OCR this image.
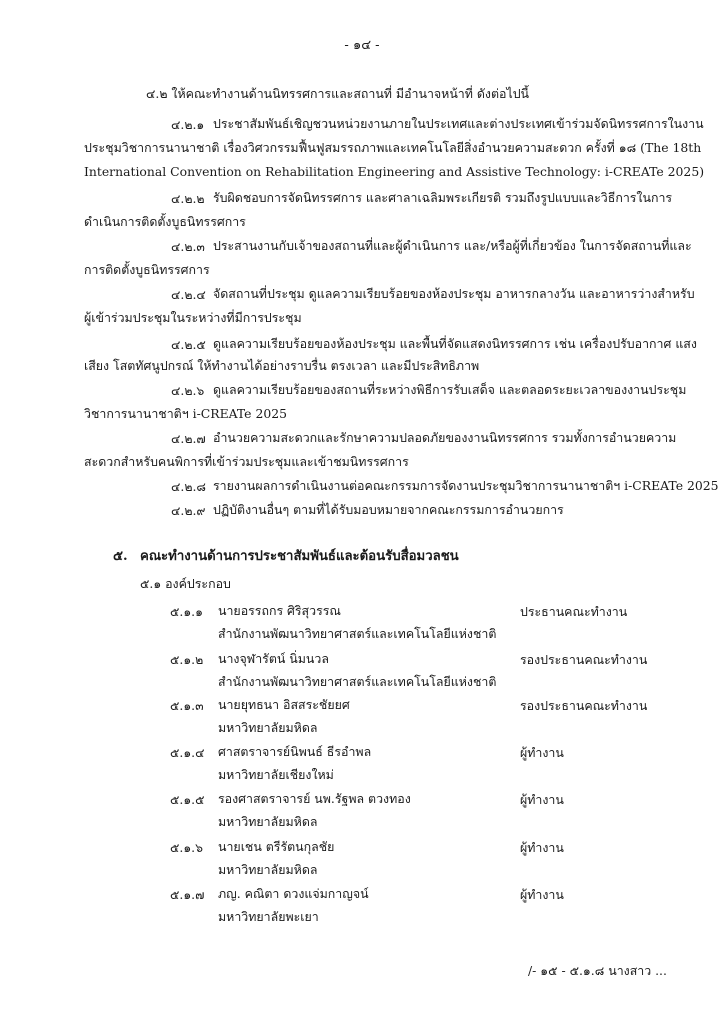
- ๑๔ -
๔.๒ ให้คณะทำงานด้านนิทรรศการและสถานที่ มีอำนาจหน้าที่ ดังต่อไปนี้
๔.๒.๑ ประชาสัมพันธ์เชิญชวนหน่วยงานภายในประเทศและต่างประเทศเข้าร่วมจัดนิทรรศการในงาน
ประชุมวิชาการนานาชาติ เรื่องวิศวกรรมฟื้นฟูสมรรถภาพและเทคโนโลยีสิ่งอำนวยความสะดวก ครั้งที่ ๑๘ (The 18th
International Convention on Rehabilitation Engineering and Assistive Technology: i-CREATe 2025)
๔.๒.๒ รับผิดชอบการจัดนิทรรศการ และศาลาเฉลิมพระเกียรติ รวมถึงรูปแบบและวิธีการในการ
ดำเนินการติดตั้งบูธนิทรรศการ
๔.๒.๓ ประสานงานกับเจ้าของสถานที่และผู้ดำเนินการ และ/หรือผู้ที่เกี่ยวข้อง ในการจัดสถานที่และ
การติดตั้งบูธนิทรรศการ
๔.๒.๔ จัดสถานที่ประชุม ดูแลความเรียบร้อยของห้องประชุม อาหารกลางวัน และอาหารว่างสำหรับ
ผู้เข้าร่วมประชุมในระหว่างที่มีการประชุม
๔.๒.๕ ดูแลความเรียบร้อยของห้องประชุม และพื้นที่จัดแสดงนิทรรศการ เช่น เครื่องปรับอากาศ แสง
เสียง โสตทัศนูปกรณ์ ให้ทำงานได้อย่างราบรื่น ตรงเวลา และมีประสิทธิภาพ
๔.๒.๖ ดูแลความเรียบร้อยของสถานที่ระหว่างพิธีการรับเสด็จ และตลอดระยะเวลาของงานประชุม
วิชาการนานาชาติฯ i-CREATe 2025
๔.๒.๗ อำนวยความสะดวกและรักษาความปลอดภัยของงานนิทรรศการ รวมทั้งการอำนวยความ
สะดวกสำหรับคนพิการที่เข้าร่วมประชุมและเข้าชมนิทรรศการ
๔.๒.๘ รายงานผลการดำเนินงานต่อคณะกรรมการจัดงานประชุมวิชาการนานาชาติฯ i-CREATe 2025
๔.๒.๙ ปฏิบัติงานอื่นๆ ตามที่ได้รับมอบหมายจากคณะกรรมการอำนวยการ
๕. คณะทำงานด้านการประชาสัมพันธ์และต้อนรับสื่อมวลชน
๕.๑ องค์ประกอบ
๕.๑.๑ นายอรรถกร ศิริสุวรรณ	ประธานคณะทำงาน
สำนักงานพัฒนาวิทยาศาสตร์และเทคโนโลยีแห่งชาติ
๕.๑.๒ นางจุฬารัตน์ นิ่มนวล	รองประธานคณะทำงาน
สำนักงานพัฒนาวิทยาศาสตร์และเทคโนโลยีแห่งชาติ
๕.๑.๓ นายยุทธนา อิสสระชัยยศ	รองประธานคณะทำงาน
มหาวิทยาลัยมหิดล
๕.๑.๔ ศาสตราจารย์นิพนธ์ ธีรอำพล	ผู้ทำงาน
มหาวิทยาลัยเชียงใหม่
๕.๑.๕ รองศาสตราจารย์ นพ.รัฐพล ตวงทอง	ผู้ทำงาน
มหาวิทยาลัยมหิดล
๕.๑.๖ นายเชน ตรีรัตนกุลชัย	ผู้ทำงาน
มหาวิทยาลัยมหิดล
๕.๑.๗ ภญ. คณิตา ดวงแจ่มกาญจน์	ผู้ทำงาน
มหาวิทยาลัยพะเยา
/- ๑๕ - ๕.๑.๘ นางสาว ...
